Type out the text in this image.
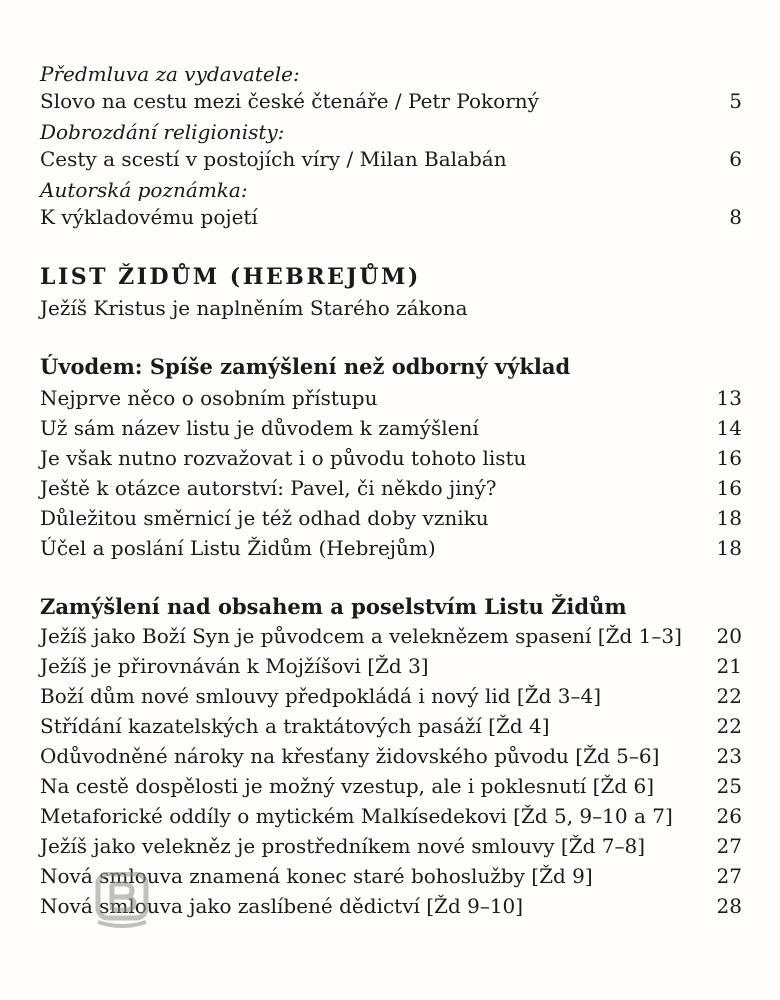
Předmluva za vydavatele:
Slovo na cestu mezi české čtenáře / Petr Pokorný	5
Dobrozdání religionisty:
Cesty a scestí v postojích víry / Milan Balabán	6
Autorská poznámka:
K výkladovému pojetí	8
LIST ŽIDŮM (HEBREJŮM)
Ježíš Kristus je naplněním Starého zákona
Úvodem: Spíše zamýšlení než odborný výklad
Nejprve něco o osobním přístupu	13
Už sám název listu je důvodem k zamýšlení	14
Je však nutno rozvažovat i o původu tohoto listu	16
Ještě k otázce autorství: Pavel, či někdo jiný?	16
Důležitou směrnicí je též odhad doby vzniku	18
Účel a poslání Listu Židům (Hebrejům)	18
Zamýšlení nad obsahem a poselstvím Listu Židům
Ježíš jako Boží Syn je původcem a veleknězem spasení [Žd 1–3] 20
Ježíš je přirovnáván k Mojžíšovi [Žd 3]	21
Boží dům nové smlouvy předpokládá i nový lid [Žd 3–4]	22
Střídání kazatelských a traktátových pasáží [Žd 4]	22
Odůvodněné nároky na křesťany židovského původu [Žd 5–6]	23
Na cestě dospělosti je možný vzestup, ale i poklesnutí [Žd 6]	25
Metaforické oddíly o mytickém Malkísedekovi [Žd 5, 9–10 a 7] 26
Ježíš jako velekněz je prostředníkem nové smlouvy [Žd 7–8]	27
Nová smlouva znamená konec staré bohoslužby [Žd 9]	27
Nová smlouva jako zaslíbené dědictví [Žd 9–10]	28
